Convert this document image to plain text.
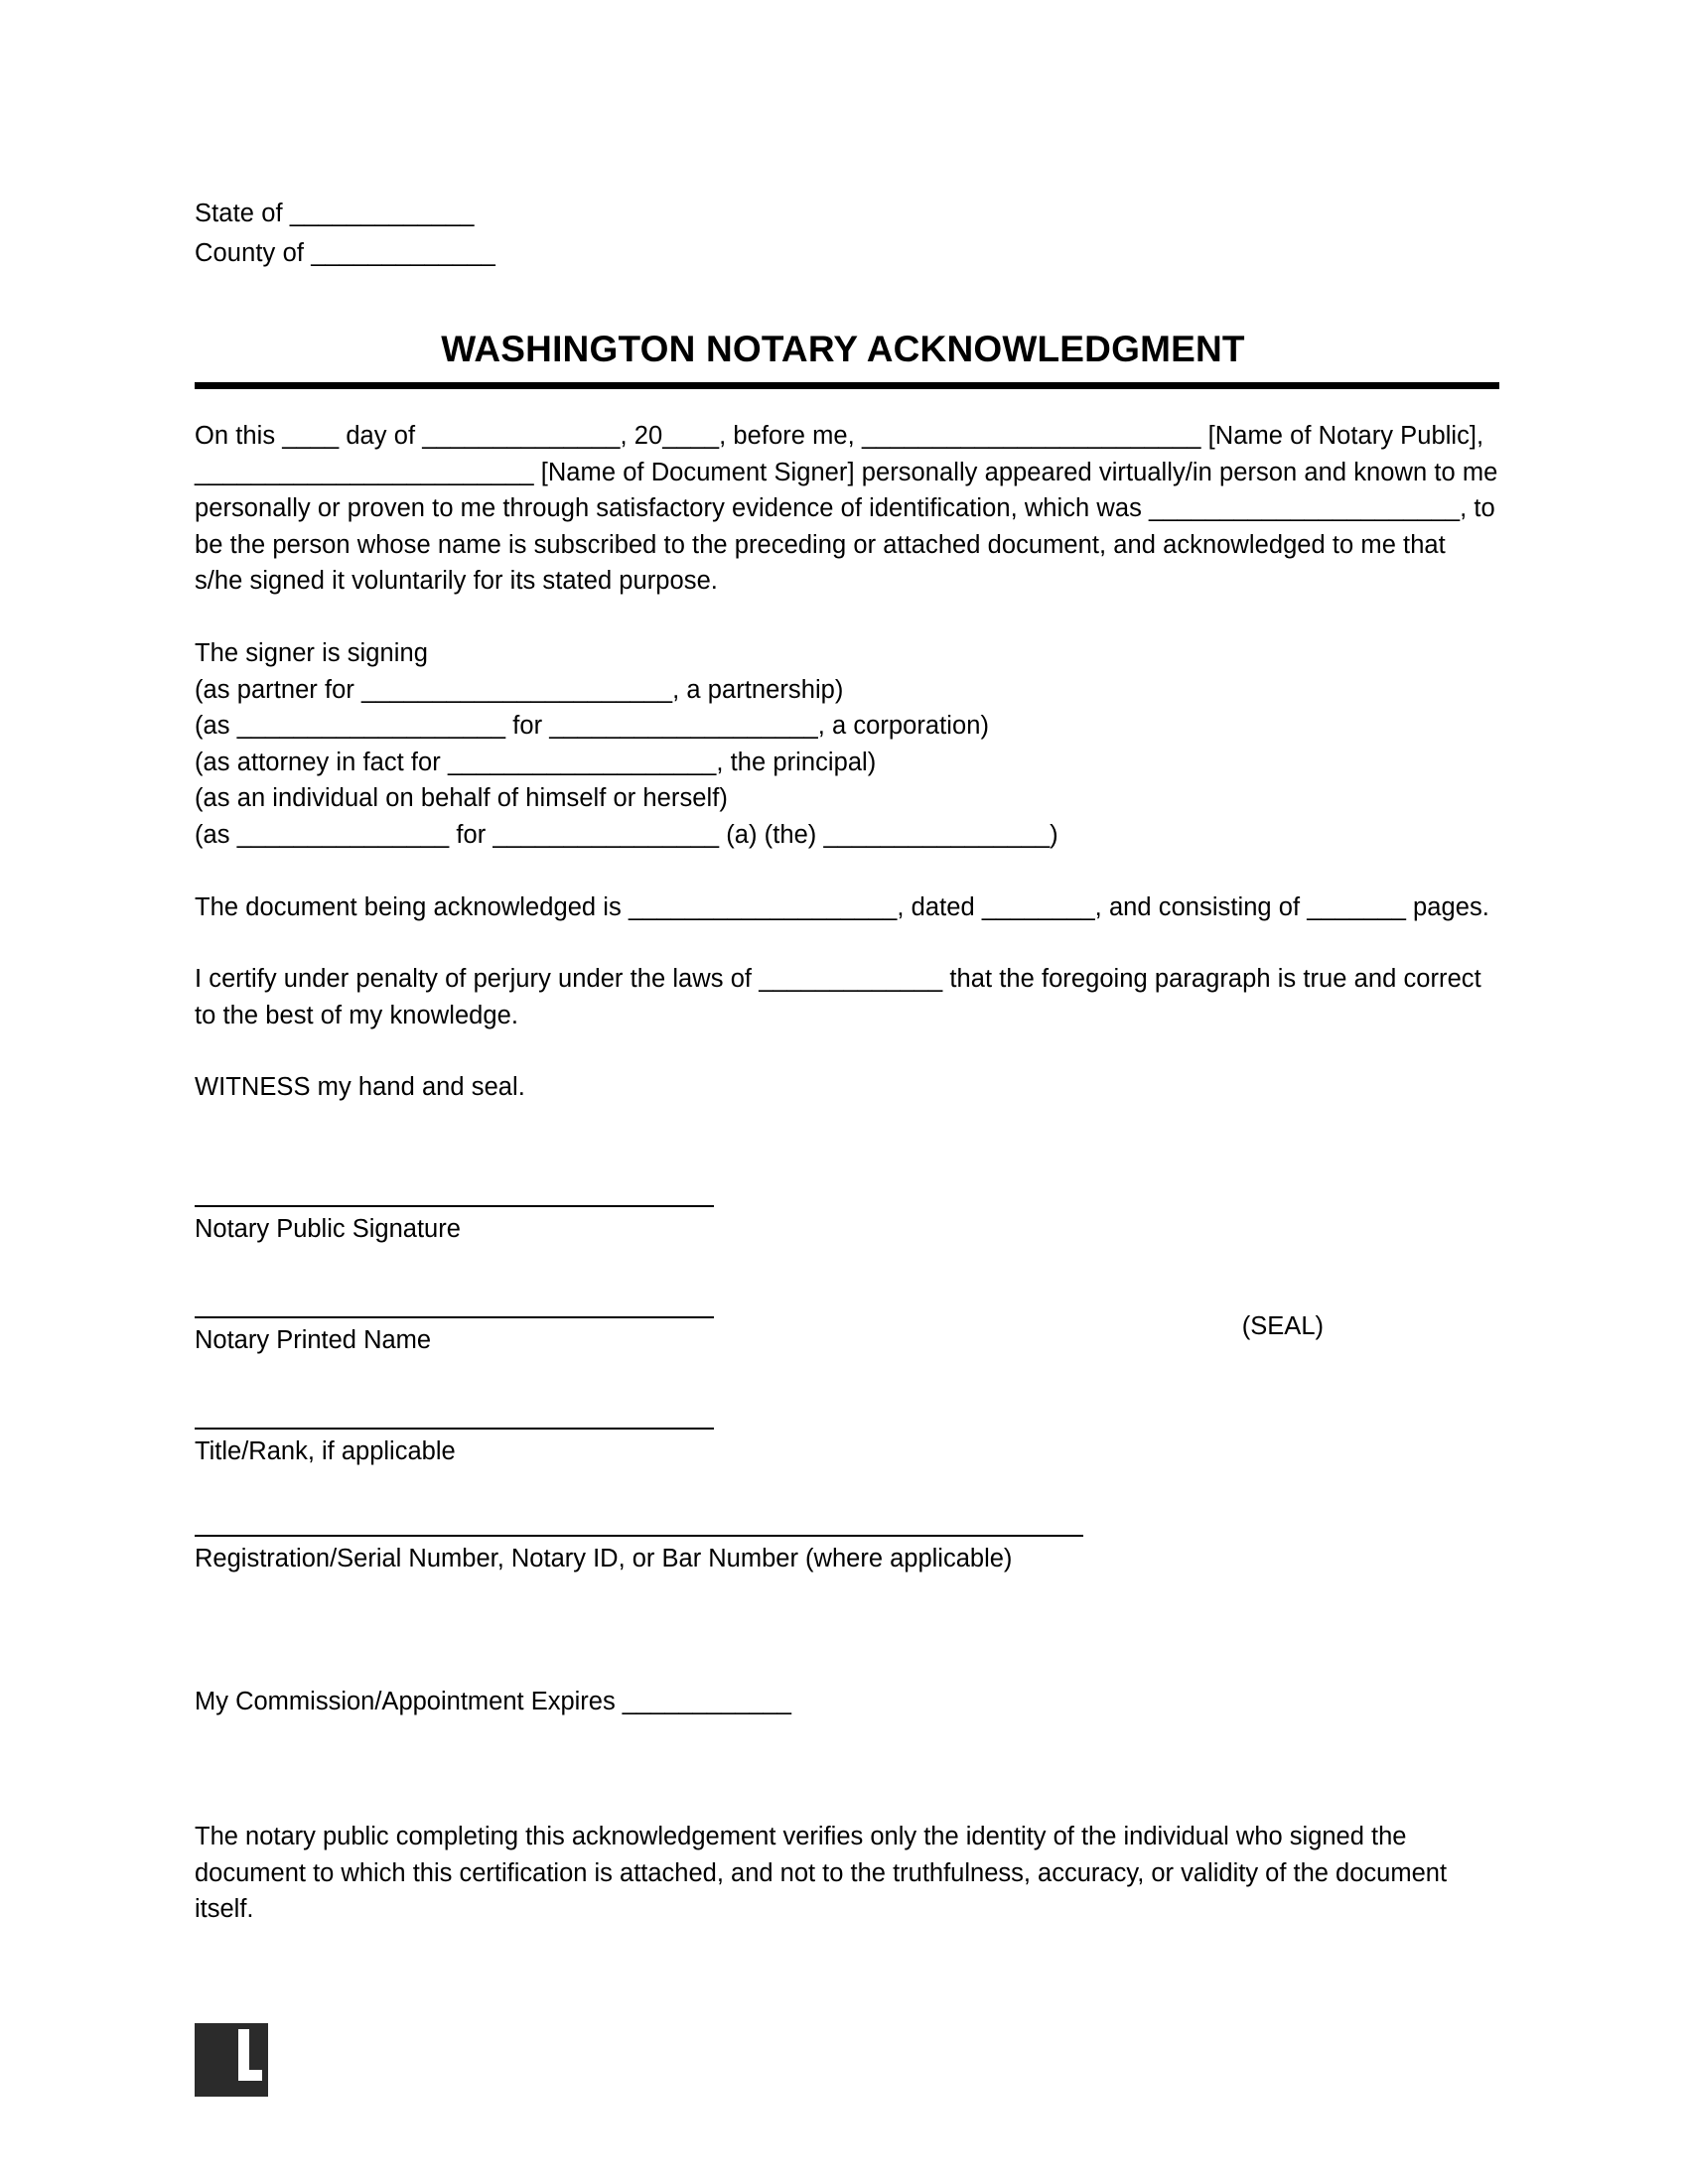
State of _____________
County of _____________
WASHINGTON NOTARY ACKNOWLEDGMENT

On this ____ day of ______________, 20____, before me, ________________________ [Name of Notary Public], ________________________ [Name of Document Signer] personally appeared virtually/in person and known to me personally or proven to me through satisfactory evidence of identification, which was ______________________, to be the person whose name is subscribed to the preceding or attached document, and acknowledged to me that s/he signed it voluntarily for its stated purpose.

The signer is signing
(as partner for ______________________, a partnership)
(as ___________________ for ___________________, a corporation)
(as attorney in fact for ___________________, the principal)
(as an individual on behalf of himself or herself)
(as _______________ for ________________ (a) (the) ________________)

The document being acknowledged is ___________________, dated ________, and consisting of _______ pages.

I certify under penalty of perjury under the laws of _____________ that the foregoing paragraph is true and correct to the best of my knowledge.

WITNESS my hand and seal.

Notary Public Signature
(SEAL)
Notary Printed Name
Title/Rank, if applicable
Registration/Serial Number, Notary ID, or Bar Number (where applicable)
My Commission/Appointment Expires ____________

The notary public completing this acknowledgement verifies only the identity of the individual who signed the document to which this certification is attached, and not to the truthfulness, accuracy, or validity of the document itself.
